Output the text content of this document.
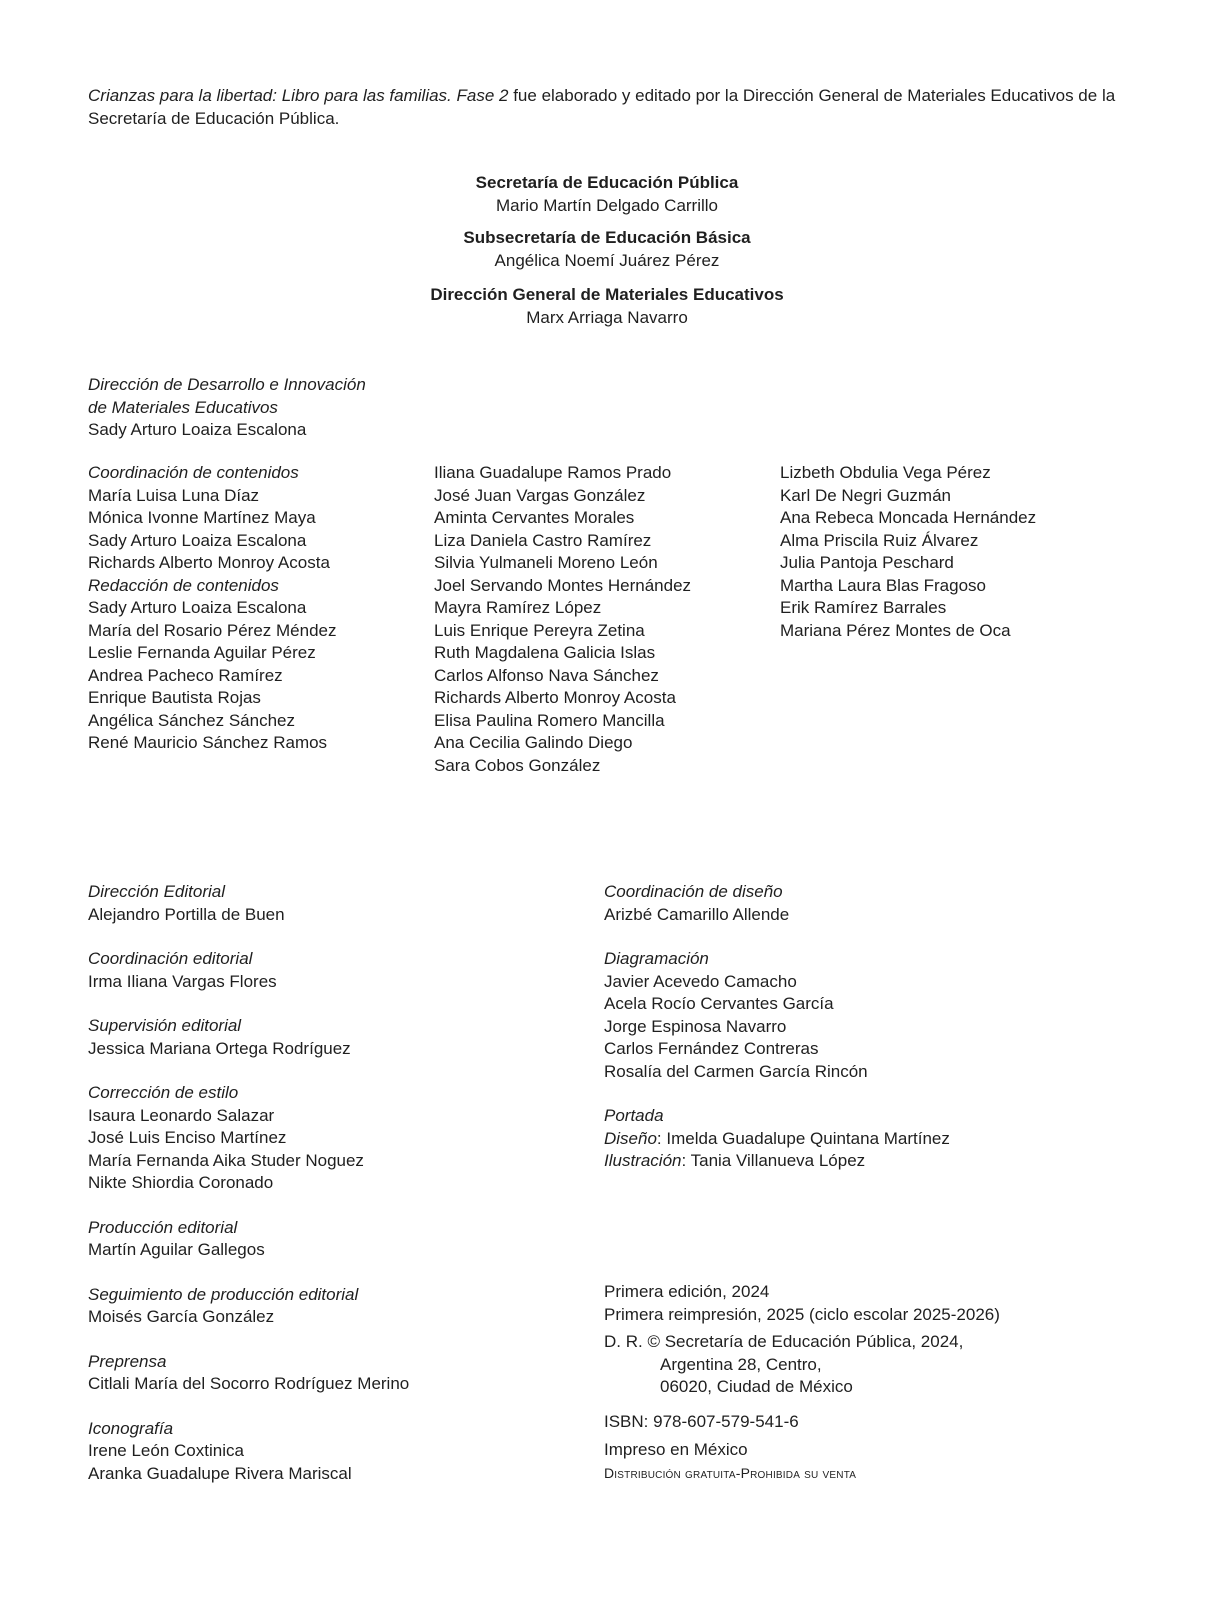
Crianzas para la libertad: Libro para las familias. Fase 2 fue elaborado y editado por la Dirección General de Materiales Educativos de la Secretaría de Educación Pública.
Secretaría de Educación Pública
Mario Martín Delgado Carrillo
Subsecretaría de Educación Básica
Angélica Noemí Juárez Pérez
Dirección General de Materiales Educativos
Marx Arriaga Navarro
Dirección de Desarrollo e Innovación
de Materiales Educativos
Sady Arturo Loaiza Escalona
Coordinación de contenidos
María Luisa Luna Díaz
Mónica Ivonne Martínez Maya
Sady Arturo Loaiza Escalona
Richards Alberto Monroy Acosta
Redacción de contenidos
Sady Arturo Loaiza Escalona
María del Rosario Pérez Méndez
Leslie Fernanda Aguilar Pérez
Andrea Pacheco Ramírez
Enrique Bautista Rojas
Angélica Sánchez Sánchez
René Mauricio Sánchez Ramos
Iliana Guadalupe Ramos Prado
José Juan Vargas González
Aminta Cervantes Morales
Liza Daniela Castro Ramírez
Silvia Yulmaneli Moreno León
Joel Servando Montes Hernández
Mayra Ramírez López
Luis Enrique Pereyra Zetina
Ruth Magdalena Galicia Islas
Carlos Alfonso Nava Sánchez
Richards Alberto Monroy Acosta
Elisa Paulina Romero Mancilla
Ana Cecilia Galindo Diego
Sara Cobos González
Lizbeth Obdulia Vega Pérez
Karl De Negri Guzmán
Ana Rebeca Moncada Hernández
Alma Priscila Ruiz Álvarez
Julia Pantoja Peschard
Martha Laura Blas Fragoso
Erik Ramírez Barrales
Mariana Pérez Montes de Oca
Dirección Editorial
Alejandro Portilla de Buen
Coordinación editorial
Irma Iliana Vargas Flores
Supervisión editorial
Jessica Mariana Ortega Rodríguez
Corrección de estilo
Isaura Leonardo Salazar
José Luis Enciso Martínez
María Fernanda Aika Studer Noguez
Nikte Shiordia Coronado
Producción editorial
Martín Aguilar Gallegos
Seguimiento de producción editorial
Moisés García González
Preprensa
Citlali María del Socorro Rodríguez Merino
Iconografía
Irene León Coxtinica
Aranka Guadalupe Rivera Mariscal
Coordinación de diseño
Arizbé Camarillo Allende
Diagramación
Javier Acevedo Camacho
Acela Rocío Cervantes García
Jorge Espinosa Navarro
Carlos Fernández Contreras
Rosalía del Carmen García Rincón
Portada
Diseño: Imelda Guadalupe Quintana Martínez
Ilustración: Tania Villanueva López
Primera edición, 2024
Primera reimpresión, 2025 (ciclo escolar 2025-2026)
D. R. © Secretaría de Educación Pública, 2024,
Argentina 28, Centro,
06020, Ciudad de México
ISBN: 978-607-579-541-6
Impreso en México
Distribución gratuita-Prohibida su venta
